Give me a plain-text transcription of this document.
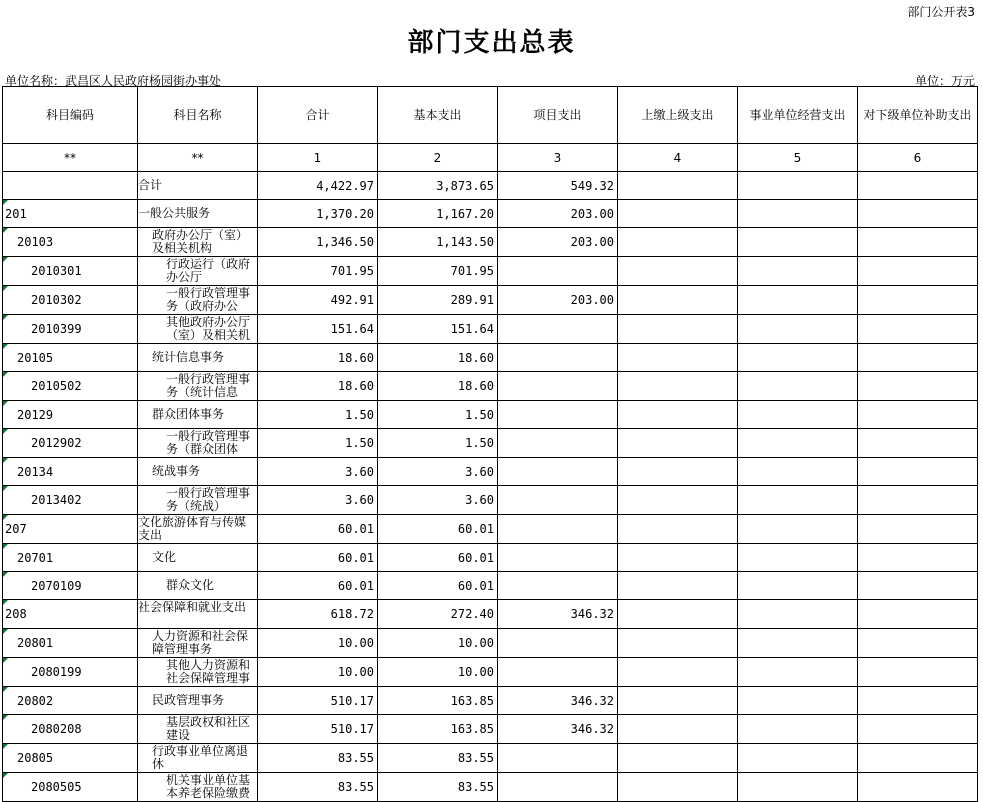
部门公开表3
部门支出总表
单位名称：武昌区人民政府杨园街办事处	单位：万元
科目编码	科目名称	合计	基本支出	项目支出	上缴上级支出	事业单位经营支出	对下级单位补助支出
**	**	1	2	3	4	5	6

	合计	4,422.97	3,873.65	549.32			

201	一般公共服务	1,370.20	1,167.20	203.00			

20103	政府办公厅（室）及相关机构	1,346.50	1,143.50	203.00			

2010301	行政运行（政府办公厅	701.95	701.95				

2010302	一般行政管理事务（政府办公	492.91	289.91	203.00			

2010399	其他政府办公厅（室）及相关机	151.64	151.64				

20105	统计信息事务	18.60	18.60				

2010502	一般行政管理事务（统计信息	18.60	18.60				

20129	群众团体事务	1.50	1.50				

2012902	一般行政管理事务（群众团体	1.50	1.50				

20134	统战事务	3.60	3.60				

2013402	一般行政管理事务（统战）	3.60	3.60				

207	文化旅游体育与传媒支出	60.01	60.01				

20701	文化	60.01	60.01				

2070109	群众文化	60.01	60.01				

208	社会保障和就业支出	618.72	272.40	346.32			

20801	人力资源和社会保障管理事务	10.00	10.00				

2080199	其他人力资源和社会保障管理事	10.00	10.00				

20802	民政管理事务	510.17	163.85	346.32			

2080208	基层政权和社区建设	510.17	163.85	346.32			

20805	行政事业单位离退休	83.55	83.55				

2080505	机关事业单位基本养老保险缴费	83.55	83.55				
